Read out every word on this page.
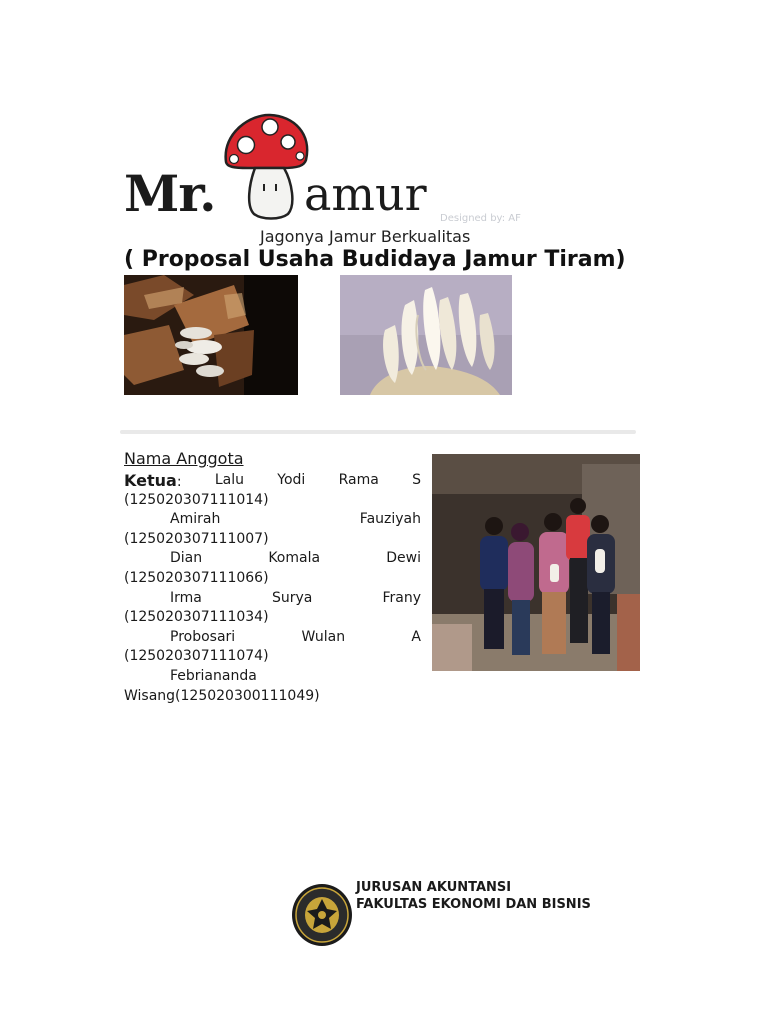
Mr. amur Designed by: AF
Jagonya Jamur Berkualitas
( Proposal Usaha Budidaya Jamur Tiram)
Nama Anggota
Ketua: Lalu Yodi Rama S
(125020307111014)
Amirah	Fauziyah
(125020307111007)
Dian	Komala	Dewi
(125020307111066)
Irma	Surya	Frany
(125020307111034)
Probosari	Wulan	A
(125020307111074)
Febriananda
Wisang(125020300111049)
JURUSAN AKUNTANSI
FAKULTAS EKONOMI DAN BISNIS
